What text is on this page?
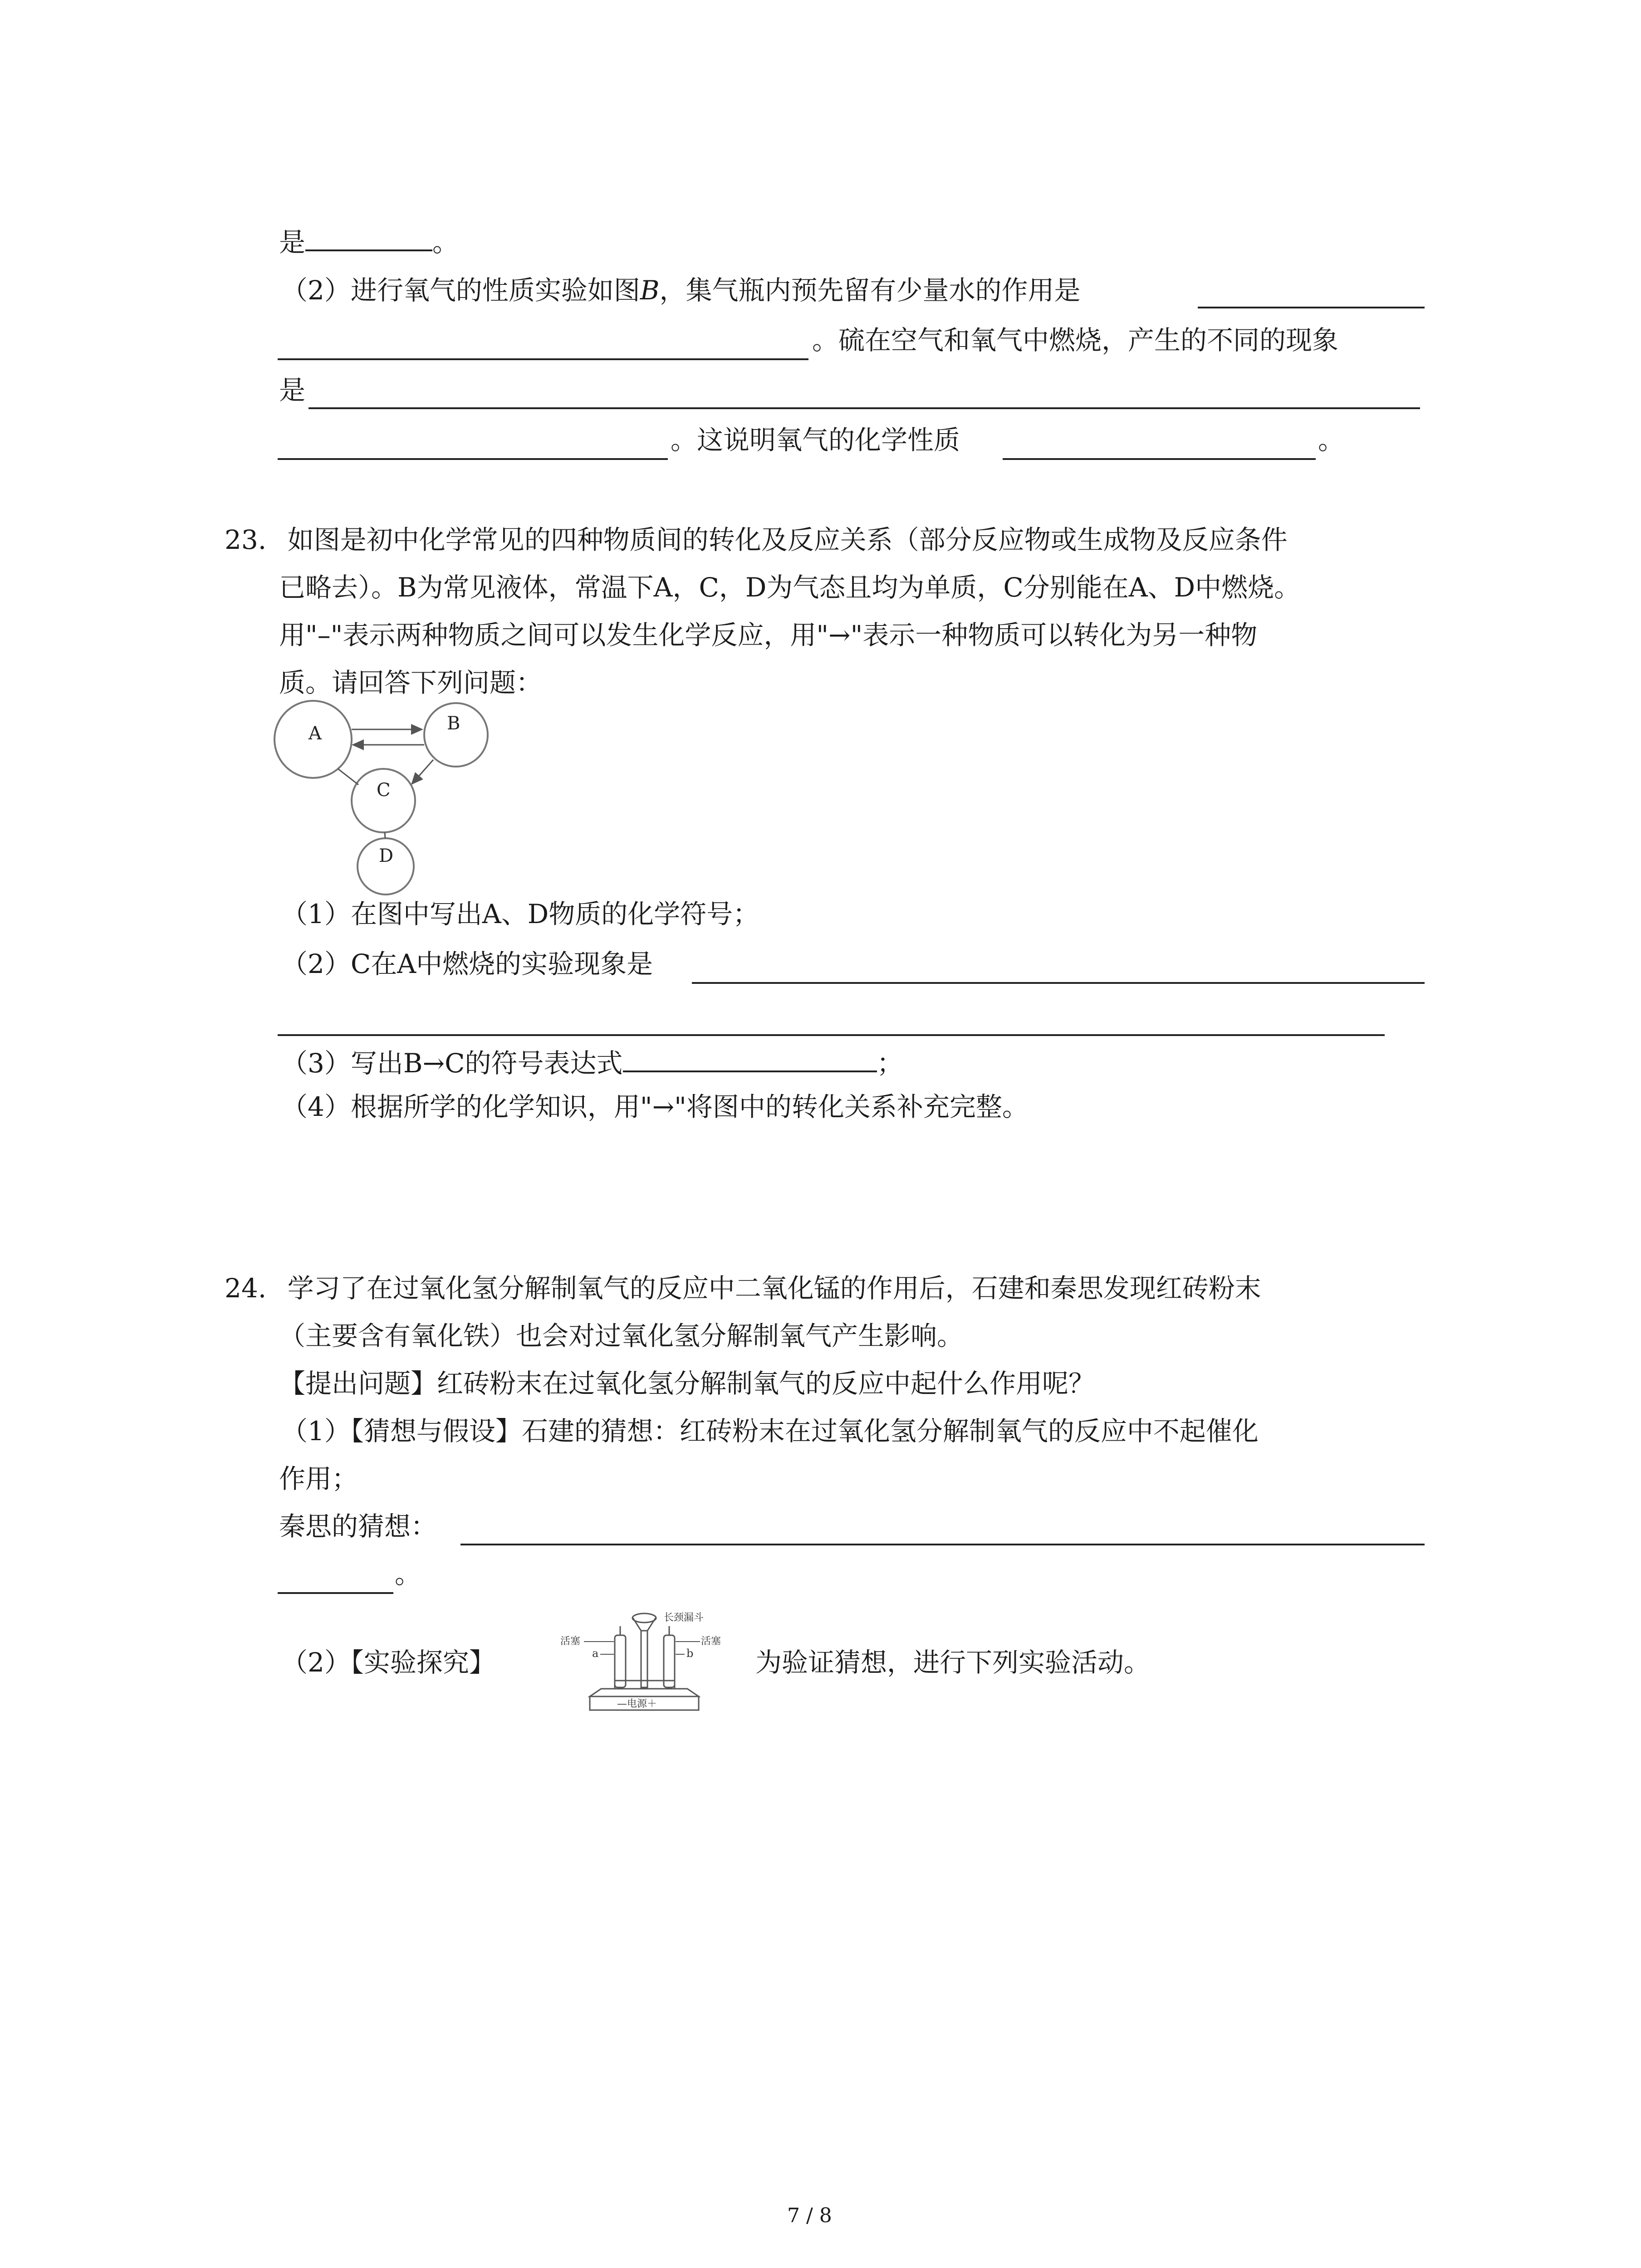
是	。
（2）进行氧气的性质实验如图B，集气瓶内预先留有少量水的作用是
。硫在空气和氧气中燃烧，产生的不同的现象
是
。这说明氧气的化学性质	。
23. 如图是初中化学常见的四种物质间的转化及反应关系（部分反应物或生成物及反应条件
已略去）。B为常见液体，常温下A，C，D为气态且均为单质，C分别能在A、D中燃烧。
用"–"表示两种物质之间可以发生化学反应，用"→"表示一种物质可以转化为另一种物
质。请回答下列问题：
A	B
C
D
（1）在图中写出A、D物质的化学符号；
（2）C在A中燃烧的实验现象是
（3）写出B→C的符号表达式	；
（4）根据所学的化学知识，用"→"将图中的转化关系补充完整。
24. 学习了在过氧化氢分解制氧气的反应中二氧化锰的作用后，石建和秦思发现红砖粉末
（主要含有氧化铁）也会对过氧化氢分解制氧气产生影响。
【提出问题】红砖粉末在过氧化氢分解制氧气的反应中起什么作用呢？
（1）【猜想与假设】石建的猜想：红砖粉末在过氧化氢分解制氧气的反应中不起催化
作用；
秦思的猜想：
。
（2）【实验探究】
长颈漏斗
活塞
a
活塞
b
—电源＋
为验证猜想，进行下列实验活动。
7 / 8
